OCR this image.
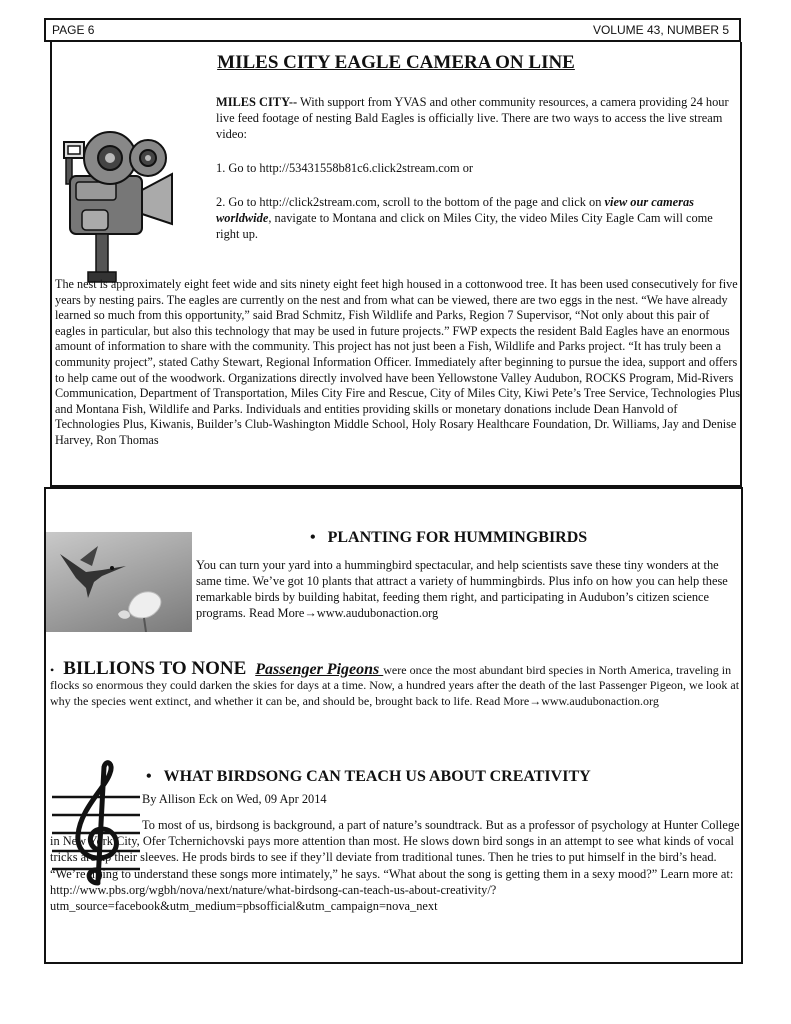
PAGE 6	VOLUME 43, NUMBER 5
MILES CITY EAGLE CAMERA ON LINE
MILES CITY-- With support from YVAS and other community resources, a camera providing 24 hour live feed footage of nesting Bald Eagles is officially live. There are two ways to access the live stream video:
1. Go to http://53431558b81c6.click2stream.com or
2. Go to http://click2stream.com, scroll to the bottom of the page and click on view our cameras worldwide, navigate to Montana and click on Miles City, the video Miles City Eagle Cam will come right up.
The nest is approximately eight feet wide and sits ninety eight feet high housed in a cottonwood tree. It has been used consecutively for five years by nesting pairs. The eagles are currently on the nest and from what can be viewed, there are two eggs in the nest. “We have already learned so much from this opportunity,” said Brad Schmitz, Fish Wildlife and Parks, Region 7 Supervisor, “Not only about this pair of eagles in particular, but also this technology that may be used in future projects.” FWP expects the resident Bald Eagles have an enormous amount of information to share with the community. This project has not just been a Fish, Wildlife and Parks project. “It has truly been a community project”, stated Cathy Stewart, Regional Information Officer. Immediately after beginning to pursue the idea, support and offers to help came out of the woodwork. Organizations directly involved have been Yellowstone Valley Audubon, ROCKS Program, Mid-Rivers Communication, Department of Transportation, Miles City Fire and Rescue, City of Miles City, Kiwi Pete’s Tree Service, Technologies Plus and Montana Fish, Wildlife and Parks. Individuals and entities providing skills or monetary donations include Dean Hanvold of Technologies Plus, Kiwanis, Builder’s Club-Washington Middle School, Holy Rosary Healthcare Foundation, Dr. Williams, Jay and Denise Harvey, Ron Thomas
• PLANTING FOR HUMMINGBIRDS
You can turn your yard into a hummingbird spectacular, and help scientists save these tiny wonders at the same time. We’ve got 10 plants that attract a variety of hummingbirds. Plus info on how you can help these remarkable birds by building habitat, feeding them right, and participating in Audubon’s citizen science programs. Read More→www.audubonaction.org
• BILLIONS TO NONE Passenger Pigeons were once the most abundant bird species in North America, traveling in flocks so enormous they could darken the skies for days at a time. Now, a hundred years after the death of the last Passenger Pigeon, we look at why the species went extinct, and whether it can be, and should be, brought back to life. Read More→www.audubonaction.org
• WHAT BIRDSONG CAN TEACH US ABOUT CREATIVITY
By Allison Eck on Wed, 09 Apr 2014
To most of us, birdsong is background, a part of nature’s soundtrack. But as a professor of psychology at Hunter College in New York City, Ofer Tchernichovski pays more attention than most. He slows down bird songs in an attempt to see what kinds of vocal tricks are up their sleeves. He prods birds to see if they’ll deviate from traditional tunes. Then he tries to put himself in the bird’s head. “We’re trying to understand these songs more intimately,” he says. “What about the song is getting them in a sexy mood?” Learn more at: http://www.pbs.org/wgbh/nova/next/nature/what-birdsong-can-teach-us-about-creativity/?utm_source=facebook&utm_medium=pbsofficial&utm_campaign=nova_next
